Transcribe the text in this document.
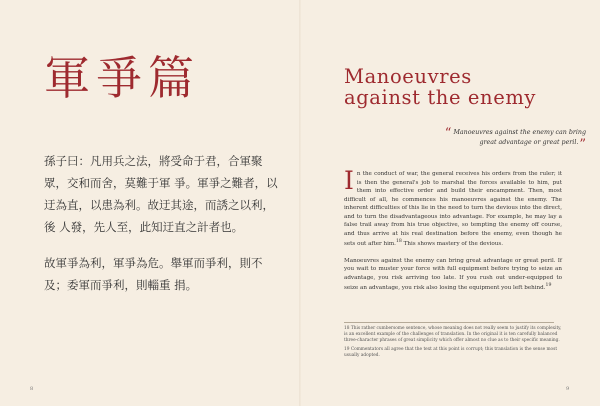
軍爭篇

孫子曰：凡用兵之法，將受命于君，合軍聚眾，交和而舍，莫難于軍 爭。軍爭之難者，以迂為直，以患為利。故迂其途，而誘之以利，後 人發，先人至，此知迂直之計者也。

故軍爭為利，軍爭為危。舉軍而爭利，則不及；委軍而爭利，則輜重 捐。

Manoeuvres
against the enemy
“ Manoeuvres against the enemy can bring great advantage or great peril.”

In the conduct of war, the general receives his orders from the ruler; it is then the general's job to marshal the forces available to him, put them into effective order and build their encampment. Then, most difficult of all, he commences his manoeuvres against the enemy. The inherent difficulties of this lie in the need to turn the devious into the direct, and to turn the disadvantageous into advantage. For example, he may lay a false trail away from his true objective, so tempting the enemy off course, and thus arrive at his real destination before the enemy, even though he sets out after him.$^{18}$ This shows mastery of the devious.

Manoeuvres against the enemy can bring great advantage or great peril. If you wait to muster your force with full equipment before trying to seize an advantage, you risk arriving too late. If you rush out under-equipped to seize an advantage, you risk also losing the equipment you left behind.$^{19}$

18 This rather cumbersome sentence, whose meaning does not really seem to justify its complexity, is an excellent example of the challenges of translation. In the original it is ten carefully balanced three-character phrases of great simplicity which offer almost no clue as to their specific meaning.

19 Commentators all agree that the text at this point is corrupt; this translation is the sense most usually adopted.

8	9
